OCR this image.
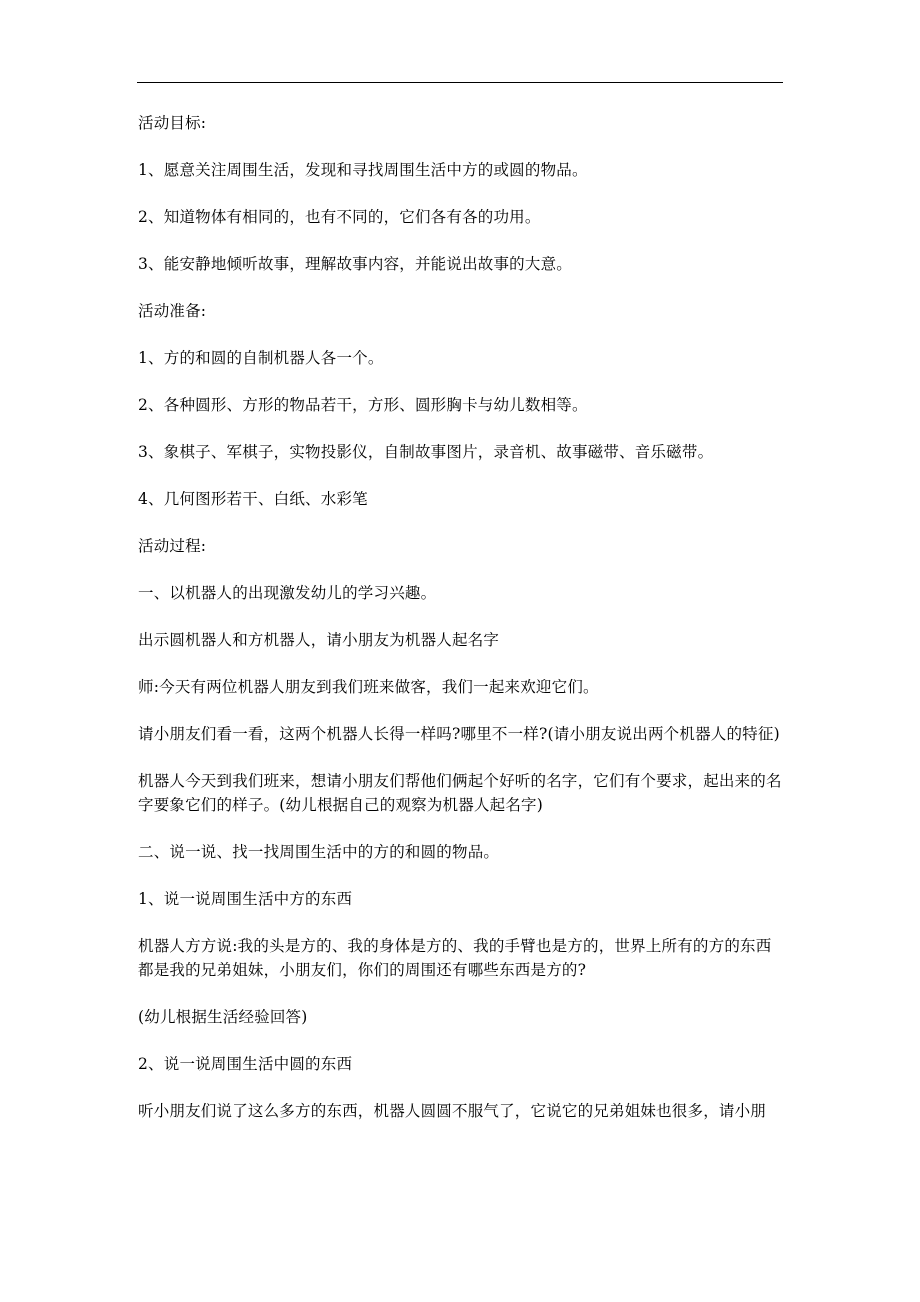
活动目标:

1、愿意关注周围生活，发现和寻找周围生活中方的或圆的物品。

2、知道物体有相同的，也有不同的，它们各有各的功用。

3、能安静地倾听故事，理解故事内容，并能说出故事的大意。

活动准备:

1、方的和圆的自制机器人各一个。

2、各种圆形、方形的物品若干，方形、圆形胸卡与幼儿数相等。

3、象棋子、军棋子，实物投影仪，自制故事图片，录音机、故事磁带、音乐磁带。

4、几何图形若干、白纸、水彩笔

活动过程:

一、以机器人的出现激发幼儿的学习兴趣。

出示圆机器人和方机器人，请小朋友为机器人起名字

师:今天有两位机器人朋友到我们班来做客，我们一起来欢迎它们。

请小朋友们看一看，这两个机器人长得一样吗?哪里不一样?(请小朋友说出两个机器人的特征)

机器人今天到我们班来，想请小朋友们帮他们俩起个好听的名字，它们有个要求，起出来的名字要象它们的样子。(幼儿根据自己的观察为机器人起名字)

二、说一说、找一找周围生活中的方的和圆的物品。

1、说一说周围生活中方的东西

机器人方方说:我的头是方的、我的身体是方的、我的手臂也是方的，世界上所有的方的东西都是我的兄弟姐妹，小朋友们，你们的周围还有哪些东西是方的?

(幼儿根据生活经验回答)

2、说一说周围生活中圆的东西

听小朋友们说了这么多方的东西，机器人圆圆不服气了，它说它的兄弟姐妹也很多，请小朋
